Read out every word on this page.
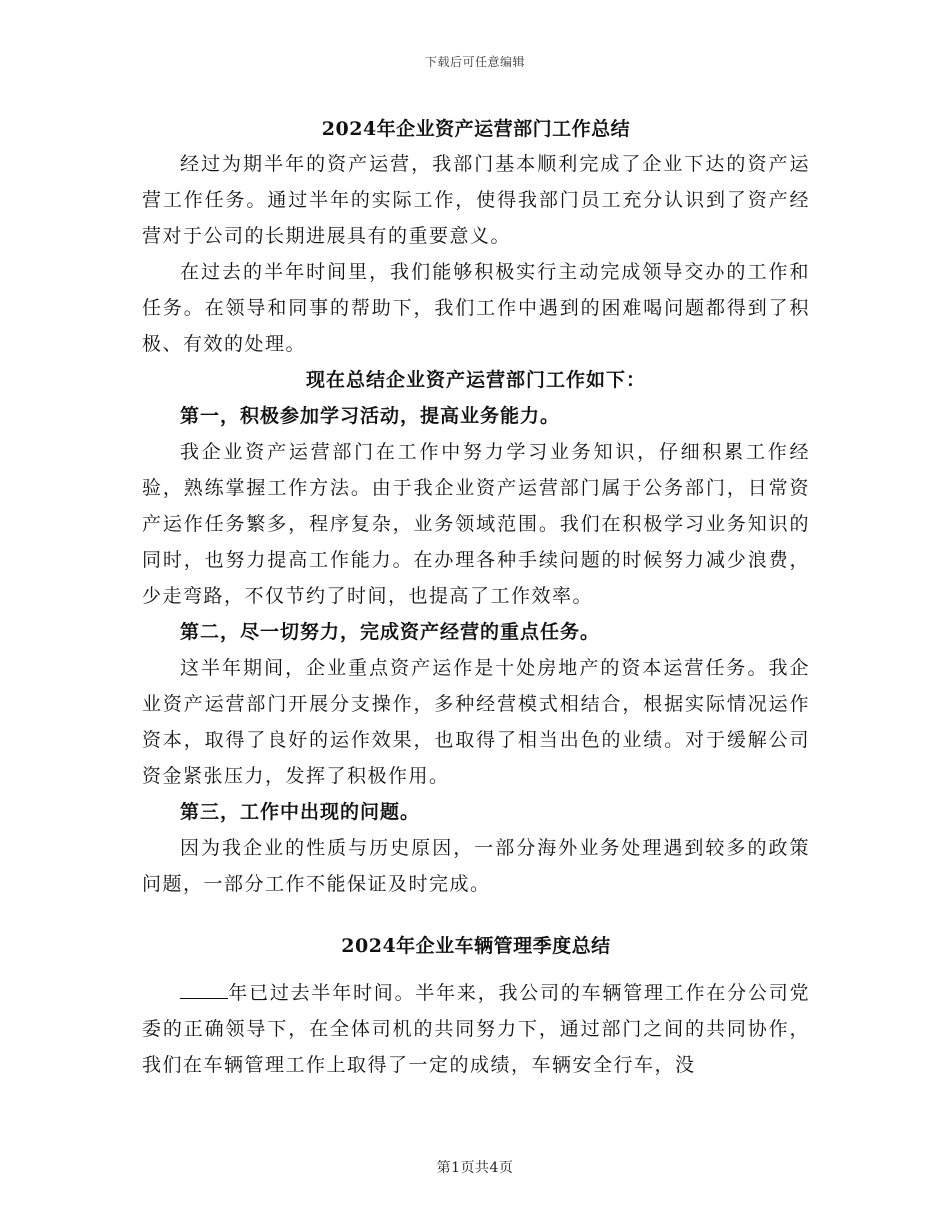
下载后可任意编辑
2024年企业资产运营部门工作总结

经过为期半年的资产运营，我部门基本顺利完成了企业下达的资产运营工作任务。通过半年的实际工作，使得我部门员工充分认识到了资产经营对于公司的长期进展具有的重要意义。

在过去的半年时间里，我们能够积极实行主动完成领导交办的工作和任务。在领导和同事的帮助下，我们工作中遇到的困难喝问题都得到了积极、有效的处理。

现在总结企业资产运营部门工作如下：

第一，积极参加学习活动，提高业务能力。

我企业资产运营部门在工作中努力学习业务知识，仔细积累工作经验，熟练掌握工作方法。由于我企业资产运营部门属于公务部门，日常资产运作任务繁多，程序复杂，业务领域范围。我们在积极学习业务知识的同时，也努力提高工作能力。在办理各种手续问题的时候努力减少浪费，少走弯路，不仅节约了时间，也提高了工作效率。

第二，尽一切努力，完成资产经营的重点任务。

这半年期间，企业重点资产运作是十处房地产的资本运营任务。我企业资产运营部门开展分支操作，多种经营模式相结合，根据实际情况运作资本，取得了良好的运作效果，也取得了相当出色的业绩。对于缓解公司资金紧张压力，发挥了积极作用。

第三，工作中出现的问题。

因为我企业的性质与历史原因，一部分海外业务处理遇到较多的政策问题，一部分工作不能保证及时完成。

2024年企业车辆管理季度总结

年已过去半年时间。半年来，我公司的车辆管理工作在分公司党委的正确领导下，在全体司机的共同努力下，通过部门之间的共同协作，我们在车辆管理工作上取得了一定的成绩，车辆安全行车，没

第1页共4页
